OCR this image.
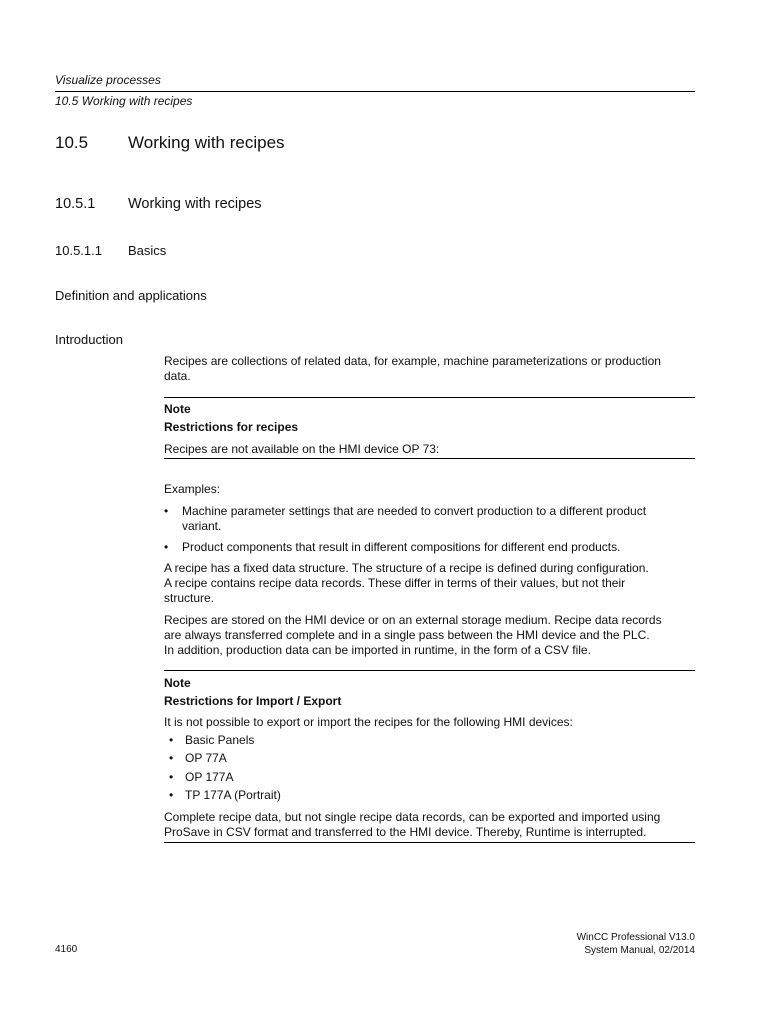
Visualize processes
10.5 Working with recipes
10.5 Working with recipes
10.5.1 Working with recipes
10.5.1.1 Basics
Definition and applications
Introduction
Recipes are collections of related data, for example, machine parameterizations or production
data.
Note
Restrictions for recipes
Recipes are not available on the HMI device OP 73:
Examples:
• Machine parameter settings that are needed to convert production to a different product
variant.
• Product components that result in different compositions for different end products.
A recipe has a fixed data structure. The structure of a recipe is defined during configuration.
A recipe contains recipe data records. These differ in terms of their values, but not their
structure.
Recipes are stored on the HMI device or on an external storage medium. Recipe data records
are always transferred complete and in a single pass between the HMI device and the PLC.
In addition, production data can be imported in runtime, in the form of a CSV file.
Note
Restrictions for Import / Export
It is not possible to export or import the recipes for the following HMI devices:
• Basic Panels
• OP 77A
• OP 177A
• TP 177A (Portrait)
Complete recipe data, but not single recipe data records, can be exported and imported using
ProSave in CSV format and transferred to the HMI device. Thereby, Runtime is interrupted.
4160
WinCC Professional V13.0
System Manual, 02/2014
